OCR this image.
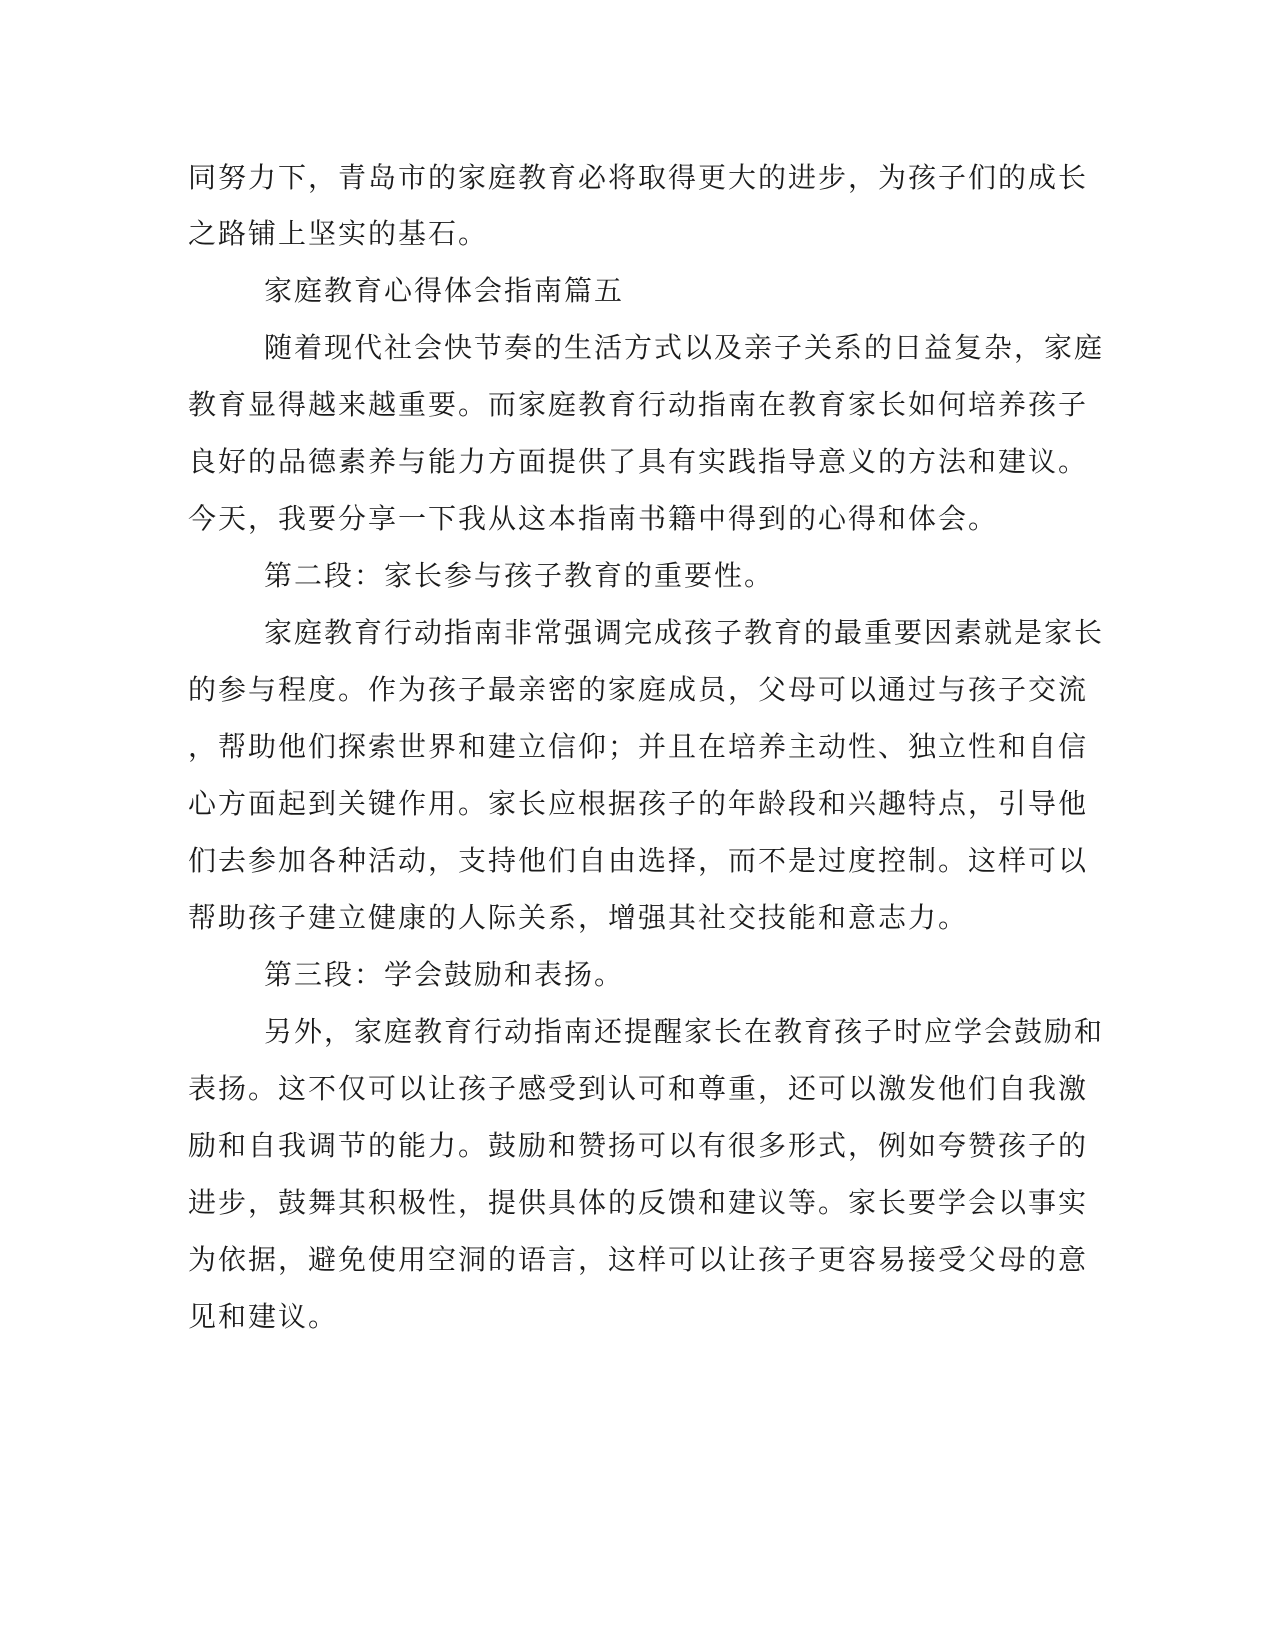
同努力下，青岛市的家庭教育必将取得更大的进步，为孩子们的成长
之路铺上坚实的基石。
家庭教育心得体会指南篇五
随着现代社会快节奏的生活方式以及亲子关系的日益复杂，家庭
教育显得越来越重要。而家庭教育行动指南在教育家长如何培养孩子
良好的品德素养与能力方面提供了具有实践指导意义的方法和建议。
今天，我要分享一下我从这本指南书籍中得到的心得和体会。
第二段：家长参与孩子教育的重要性。
家庭教育行动指南非常强调完成孩子教育的最重要因素就是家长
的参与程度。作为孩子最亲密的家庭成员，父母可以通过与孩子交流
，帮助他们探索世界和建立信仰；并且在培养主动性、独立性和自信
心方面起到关键作用。家长应根据孩子的年龄段和兴趣特点，引导他
们去参加各种活动，支持他们自由选择，而不是过度控制。这样可以
帮助孩子建立健康的人际关系，增强其社交技能和意志力。
第三段：学会鼓励和表扬。
另外，家庭教育行动指南还提醒家长在教育孩子时应学会鼓励和
表扬。这不仅可以让孩子感受到认可和尊重，还可以激发他们自我激
励和自我调节的能力。鼓励和赞扬可以有很多形式，例如夸赞孩子的
进步，鼓舞其积极性，提供具体的反馈和建议等。家长要学会以事实
为依据，避免使用空洞的语言，这样可以让孩子更容易接受父母的意
见和建议。
